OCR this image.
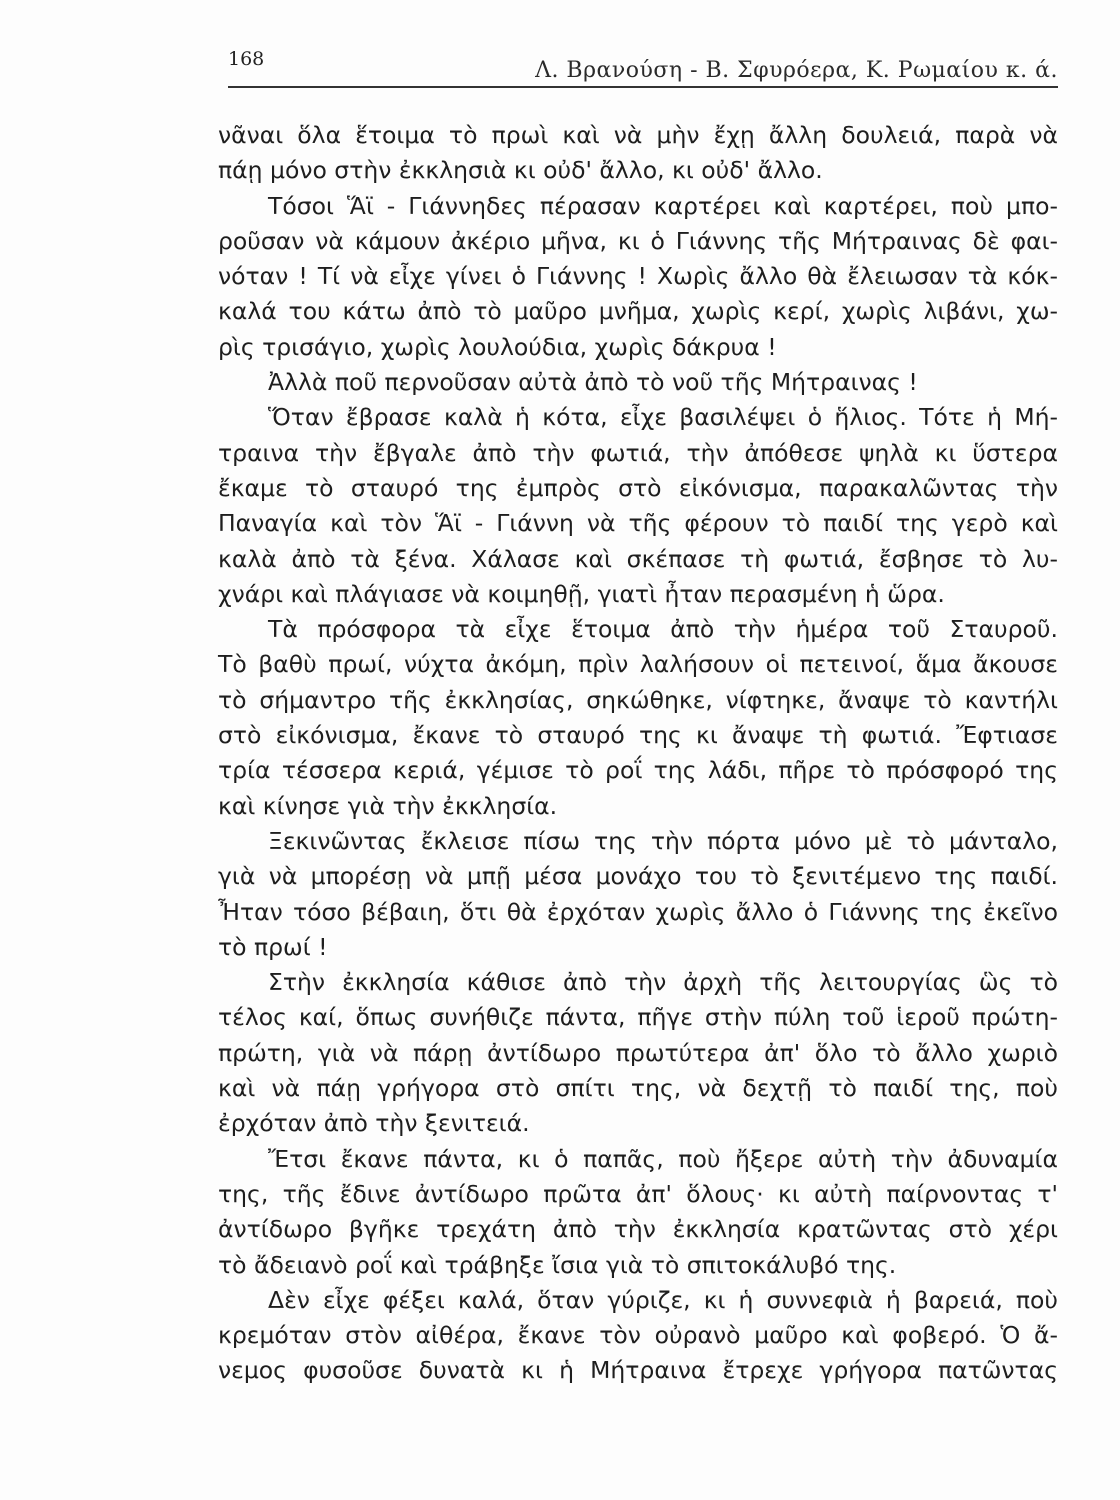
168	Λ. Βρανούση - Β. Σφυρόερα, Κ. Ρωμαίου κ. ά.
νᾶναι ὅλα ἕτοιμα τὸ πρωὶ καὶ νὰ μὴν ἔχῃ ἄλλη δουλειά, παρὰ νὰ
πάῃ μόνο στὴν ἐκκλησιὰ κι οὐδ' ἄλλο, κι οὐδ' ἄλλο.
Τόσοι Ἅϊ - Γιάννηδες πέρασαν καρτέρει καὶ καρτέρει, ποὺ μπο-
ροῦσαν νὰ κάμουν ἀκέριο μῆνα, κι ὁ Γιάννης τῆς Μήτραινας δὲ φαι-
νόταν ! Τί νὰ εἶχε γίνει ὁ Γιάννης ! Χωρὶς ἄλλο θὰ ἔλειωσαν τὰ κόκ-
καλά του κάτω ἀπὸ τὸ μαῦρο μνῆμα, χωρὶς κερί, χωρὶς λιβάνι, χω-
ρὶς τρισάγιο, χωρὶς λουλούδια, χωρὶς δάκρυα !
Ἀλλὰ ποῦ περνοῦσαν αὐτὰ ἀπὸ τὸ νοῦ τῆς Μήτραινας !
Ὅταν ἔβρασε καλὰ ἡ κότα, εἶχε βασιλέψει ὁ ἥλιος. Τότε ἡ Μή-
τραινα τὴν ἔβγαλε ἀπὸ τὴν φωτιά, τὴν ἀπόθεσε ψηλὰ κι ὕστερα
ἔκαμε τὸ σταυρό της ἐμπρὸς στὸ εἰκόνισμα, παρακαλῶντας τὴν
Παναγία καὶ τὸν Ἅϊ - Γιάννη νὰ τῆς φέρουν τὸ παιδί της γερὸ καὶ
καλὰ ἀπὸ τὰ ξένα. Χάλασε καὶ σκέπασε τὴ φωτιά, ἔσβησε τὸ λυ-
χνάρι καὶ πλάγιασε νὰ κοιμηθῇ, γιατὶ ἦταν περασμένη ἡ ὥρα.
Τὰ πρόσφορα τὰ εἶχε ἕτοιμα ἀπὸ τὴν ἡμέρα τοῦ Σταυροῦ.
Τὸ βαθὺ πρωί, νύχτα ἀκόμη, πρὶν λαλήσουν οἱ πετεινοί, ἅμα ἄκουσε
τὸ σήμαντρο τῆς ἐκκλησίας, σηκώθηκε, νίφτηκε, ἄναψε τὸ καντήλι
στὸ εἰκόνισμα, ἔκανε τὸ σταυρό της κι ἄναψε τὴ φωτιά. Ἔφτιασε
τρία τέσσερα κεριά, γέμισε τὸ ροΐ της λάδι, πῆρε τὸ πρόσφορό της
καὶ κίνησε γιὰ τὴν ἐκκλησία.
Ξεκινῶντας ἔκλεισε πίσω της τὴν πόρτα μόνο μὲ τὸ μάνταλο,
γιὰ νὰ μπορέσῃ νὰ μπῇ μέσα μονάχο του τὸ ξενιτέμενο της παιδί.
Ἦταν τόσο βέβαιη, ὅτι θὰ ἐρχόταν χωρὶς ἄλλο ὁ Γιάννης της ἐκεῖνο
τὸ πρωί !
Στὴν ἐκκλησία κάθισε ἀπὸ τὴν ἀρχὴ τῆς λειτουργίας ὣς τὸ
τέλος καί, ὅπως συνήθιζε πάντα, πῆγε στὴν πύλη τοῦ ἱεροῦ πρώτη-
πρώτη, γιὰ νὰ πάρῃ ἀντίδωρο πρωτύτερα ἀπ' ὅλο τὸ ἄλλο χωριὸ
καὶ νὰ πάῃ γρήγορα στὸ σπίτι της, νὰ δεχτῇ τὸ παιδί της, ποὺ
ἐρχόταν ἀπὸ τὴν ξενιτειά.
Ἔτσι ἔκανε πάντα, κι ὁ παπᾶς, ποὺ ἤξερε αὐτὴ τὴν ἀδυναμία
της, τῆς ἔδινε ἀντίδωρο πρῶτα ἀπ' ὅλους· κι αὐτὴ παίρνοντας τ'
ἀντίδωρο βγῆκε τρεχάτη ἀπὸ τὴν ἐκκλησία κρατῶντας στὸ χέρι
τὸ ἄδειανὸ ροΐ καὶ τράβηξε ἴσια γιὰ τὸ σπιτοκάλυβό της.
Δὲν εἶχε φέξει καλά, ὅταν γύριζε, κι ἡ συννεφιὰ ἡ βαρειά, ποὺ
κρεμόταν στὸν αἰθέρα, ἔκανε τὸν οὐρανὸ μαῦρο καὶ φοβερό. Ὁ ἄ-
νεμος φυσοῦσε δυνατὰ κι ἡ Μήτραινα ἔτρεχε γρήγορα πατῶντας
